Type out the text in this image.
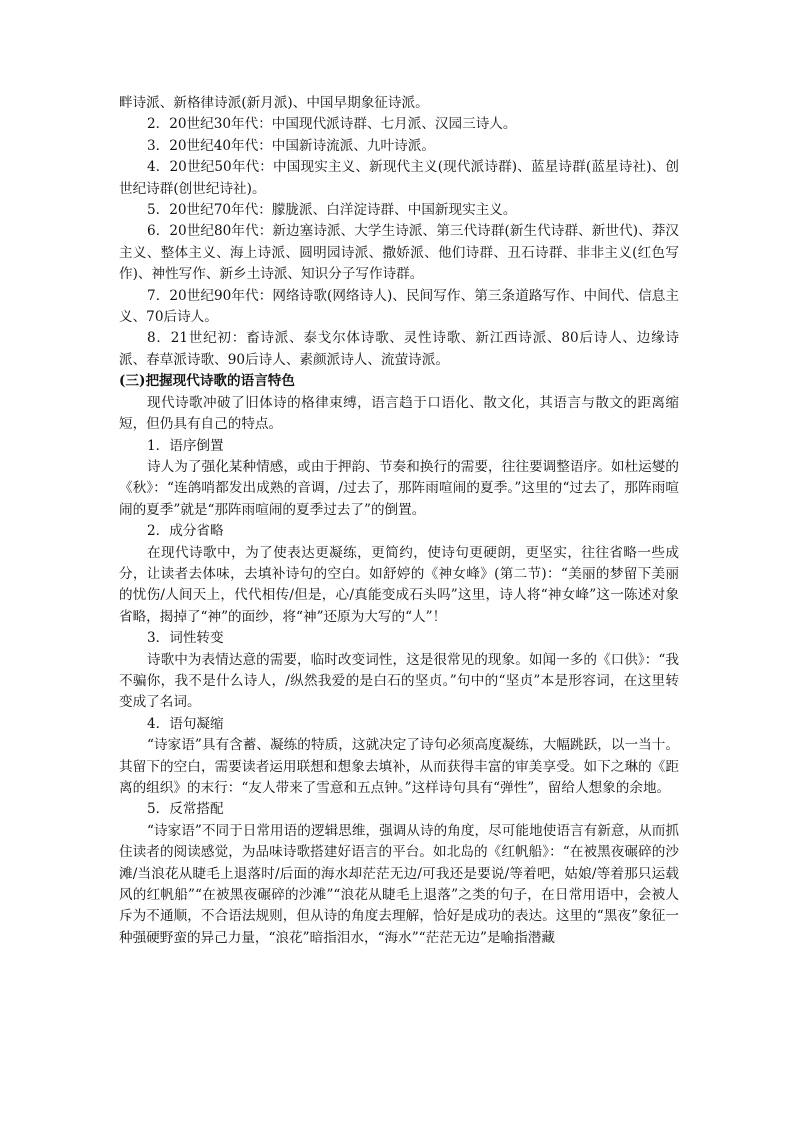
畔诗派、新格律诗派(新月派)、中国早期象征诗派。

2．20世纪30年代：中国现代派诗群、七月派、汉园三诗人。

3．20世纪40年代：中国新诗流派、九叶诗派。

4．20世纪50年代：中国现实主义、新现代主义(现代派诗群)、蓝星诗群(蓝星诗社)、创世纪诗群(创世纪诗社)。

5．20世纪70年代：朦胧派、白洋淀诗群、中国新现实主义。

6．20世纪80年代：新边塞诗派、大学生诗派、第三代诗群(新生代诗群、新世代)、莽汉主义、整体主义、海上诗派、圆明园诗派、撒娇派、他们诗群、丑石诗群、非非主义(红色写作)、神性写作、新乡土诗派、知识分子写作诗群。

7．20世纪90年代：网络诗歌(网络诗人)、民间写作、第三条道路写作、中间代、信息主义、70后诗人。

8．21世纪初：畜诗派、泰戈尔体诗歌、灵性诗歌、新江西诗派、80后诗人、边缘诗派、春草派诗歌、90后诗人、素颜派诗人、流萤诗派。

(三)把握现代诗歌的语言特色

现代诗歌冲破了旧体诗的格律束缚，语言趋于口语化、散文化，其语言与散文的距离缩短，但仍具有自己的特点。

1．语序倒置

诗人为了强化某种情感，或由于押韵、节奏和换行的需要，往往要调整语序。如杜运燮的《秋》：“连鸽哨都发出成熟的音调，/过去了，那阵雨喧闹的夏季。”这里的“过去了，那阵雨喧闹的夏季”就是“那阵雨喧闹的夏季过去了”的倒置。

2．成分省略

在现代诗歌中，为了使表达更凝练，更简约，使诗句更硬朗，更坚实，往往省略一些成分，让读者去体味，去填补诗句的空白。如舒婷的《神女峰》(第二节)：“美丽的梦留下美丽的忧伤/人间天上，代代相传/但是，心/真能变成石头吗”这里，诗人将“神女峰”这一陈述对象省略，揭掉了“神”的面纱，将“神”还原为大写的“人”！

3．词性转变

诗歌中为表情达意的需要，临时改变词性，这是很常见的现象。如闻一多的《口供》：“我不骗你，我不是什么诗人，/纵然我爱的是白石的坚贞。”句中的“坚贞”本是形容词，在这里转变成了名词。

4．语句凝缩

“诗家语”具有含蓄、凝练的特质，这就决定了诗句必须高度凝练，大幅跳跃，以一当十。其留下的空白，需要读者运用联想和想象去填补，从而获得丰富的审美享受。如下之琳的《距离的组织》的末行：“友人带来了雪意和五点钟。”这样诗句具有“弹性”，留给人想象的余地。

5．反常搭配

“诗家语”不同于日常用语的逻辑思维，强调从诗的角度，尽可能地使语言有新意，从而抓住读者的阅读感觉，为品味诗歌搭建好语言的平台。如北岛的《红帆船》：“在被黑夜碾碎的沙滩/当浪花从睫毛上退落时/后面的海水却茫茫无边/可我还是要说/等着吧，姑娘/等着那只运载风的红帆船”“在被黑夜碾碎的沙滩”“浪花从睫毛上退落”之类的句子，在日常用语中，会被人斥为不通顺，不合语法规则，但从诗的角度去理解，恰好是成功的表达。这里的“黑夜”象征一种强硬野蛮的异己力量，“浪花”暗指泪水，“海水”“茫茫无边”是喻指潜藏
